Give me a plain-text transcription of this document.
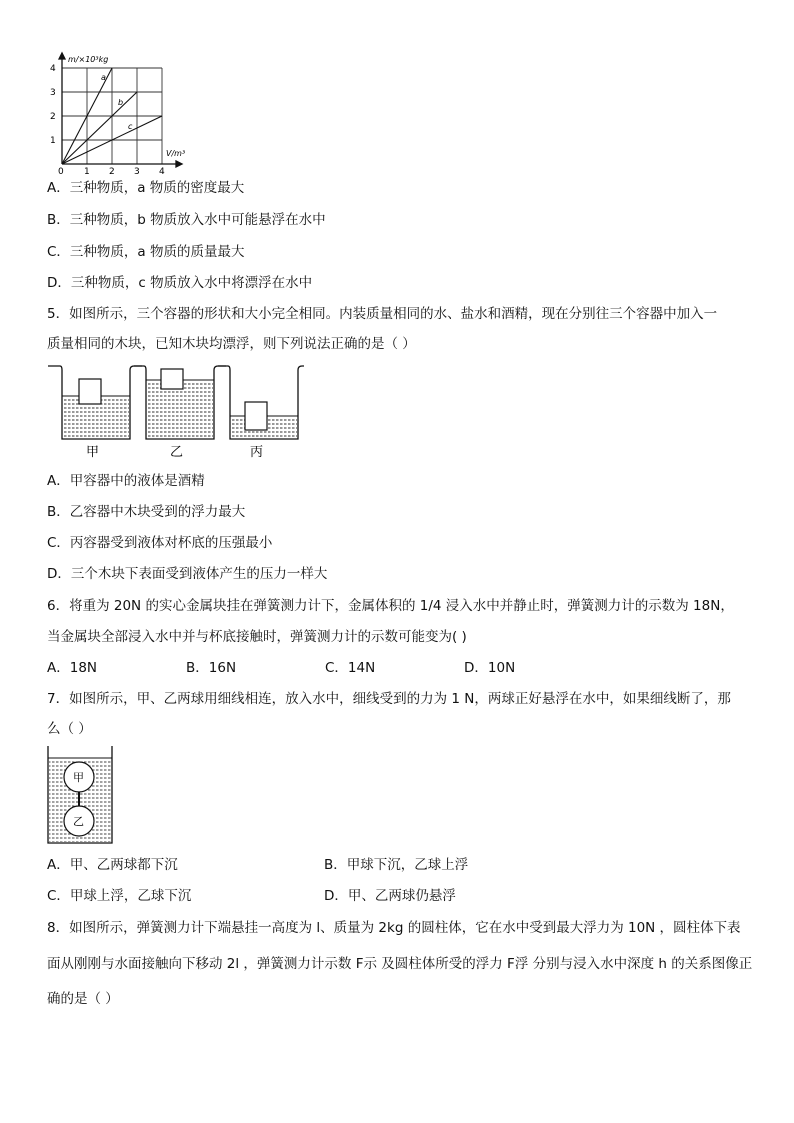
m/×10³kg
V/m³
1
2
3
4
0 1 2 3 4
a
b
c
A．三种物质，a 物质的密度最大
B．三种物质，b 物质放入水中可能悬浮在水中
C．三种物质，a 物质的质量最大
D．三种物质，c 物质放入水中将漂浮在水中
5．如图所示，三个容器的形状和大小完全相同。内装质量相同的水、盐水和酒精，现在分别往三个容器中加入一
质量相同的木块，已知木块均漂浮，则下列说法正确的是（ ）
甲	乙	丙
A．甲容器中的液体是酒精
B．乙容器中木块受到的浮力最大
C．丙容器受到液体对杯底的压强最小
D．三个木块下表面受到液体产生的压力一样大
6．将重为 20N 的实心金属块挂在弹簧测力计下，金属体积的 1/4 浸入水中并静止时，弹簧测力计的示数为 18N，
当金属块全部浸入水中并与杯底接触时，弹簧测力计的示数可能变为( )
A．18N	B．16N	C．14N	D．10N
7．如图所示，甲、乙两球用细线相连，放入水中，细线受到的力为 1 N，两球正好悬浮在水中，如果细线断了，那
么（ ）
甲
乙
A．甲、乙两球都下沉	B．甲球下沉，乙球上浮
C．甲球上浮，乙球下沉	D．甲、乙两球仍悬浮
8．如图所示，弹簧测力计下端悬挂一高度为 l、质量为 2kg 的圆柱体，它在水中受到最大浮力为 10N ，圆柱体下表
面从刚刚与水面接触向下移动 2l ，弹簧测力计示数 F示 及圆柱体所受的浮力 F浮 分别与浸入水中深度 h 的关系图像正
确的是（ ）
